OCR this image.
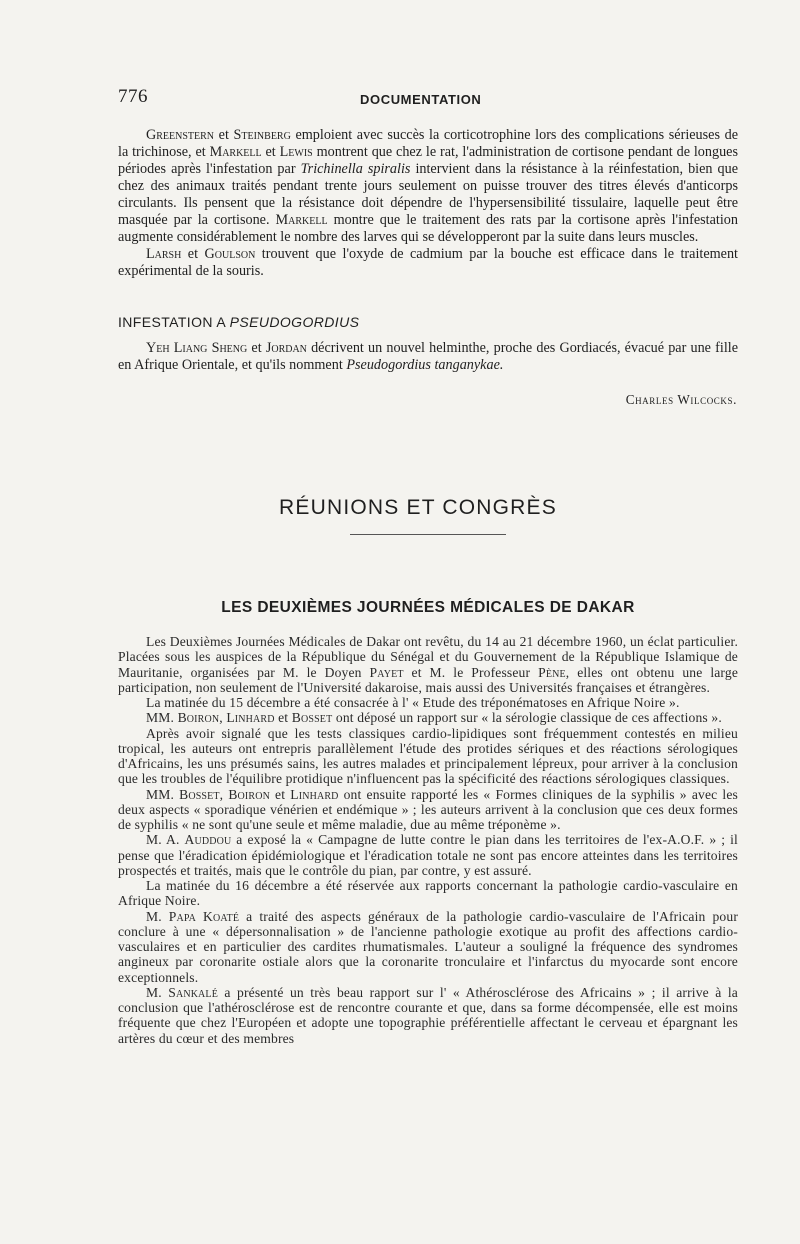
776	DOCUMENTATION

Greenstern et Steinberg emploient avec succès la corticotrophine lors des complications sérieuses de la trichinose, et Markell et Lewis montrent que chez le rat, l'administration de cortisone pendant de longues périodes après l'infestation par Trichinella spiralis intervient dans la résistance à la réinfestation, bien que chez des animaux traités pendant trente jours seulement on puisse trouver des titres élevés d'anticorps circulants. Ils pensent que la résistance doit dépendre de l'hypersensibilité tissulaire, laquelle peut être masquée par la cortisone. Markell montre que le traitement des rats par la cortisone après l'infestation augmente considérablement le nombre des larves qui se développeront par la suite dans leurs muscles.

Larsh et Goulson trouvent que l'oxyde de cadmium par la bouche est efficace dans le traitement expérimental de la souris.

INFESTATION A PSEUDOGORDIUS

Yeh Liang Sheng et Jordan décrivent un nouvel helminthe, proche des Gordiacés, évacué par une fille en Afrique Orientale, et qu'ils nomment Pseudogordius tanganykae.

Charles Wilcocks.
RÉUNIONS ET CONGRÈS
LES DEUXIÈMES JOURNÉES MÉDICALES DE DAKAR

Les Deuxièmes Journées Médicales de Dakar ont revêtu, du 14 au 21 décembre 1960, un éclat particulier. Placées sous les auspices de la République du Sénégal et du Gouvernement de la République Islamique de Mauritanie, organisées par M. le Doyen Payet et M. le Professeur Pène, elles ont obtenu une large participation, non seulement de l'Université dakaroise, mais aussi des Universités françaises et étrangères.

La matinée du 15 décembre a été consacrée à l' « Etude des tréponématoses en Afrique Noire ».

MM. Boiron, Linhard et Bosset ont déposé un rapport sur « la sérologie classique de ces affections ».

Après avoir signalé que les tests classiques cardio-lipidiques sont fréquemment contestés en milieu tropical, les auteurs ont entrepris parallèlement l'étude des protides sériques et des réactions sérologiques d'Africains, les uns présumés sains, les autres malades et principalement lépreux, pour arriver à la conclusion que les troubles de l'équilibre protidique n'influencent pas la spécificité des réactions sérologiques classiques.

MM. Bosset, Boiron et Linhard ont ensuite rapporté les « Formes cliniques de la syphilis » avec les deux aspects « sporadique vénérien et endémique » ; les auteurs arrivent à la conclusion que ces deux formes de syphilis « ne sont qu'une seule et même maladie, due au même tréponème ».

M. A. Auddou a exposé la « Campagne de lutte contre le pian dans les territoires de l'ex-A.O.F. » ; il pense que l'éradication épidémiologique et l'éradication totale ne sont pas encore atteintes dans les territoires prospectés et traités, mais que le contrôle du pian, par contre, y est assuré.

La matinée du 16 décembre a été réservée aux rapports concernant la pathologie cardio-vasculaire en Afrique Noire.

M. Papa Koaté a traité des aspects généraux de la pathologie cardio-vasculaire de l'Africain pour conclure à une « dépersonnalisation » de l'ancienne pathologie exotique au profit des affections cardio-vasculaires et en particulier des cardites rhumatismales. L'auteur a souligné la fréquence des syndromes angineux par coronarite ostiale alors que la coronarite tronculaire et l'infarctus du myocarde sont encore exceptionnels.

M. Sankalé a présenté un très beau rapport sur l' « Athérosclérose des Africains » ; il arrive à la conclusion que l'athérosclérose est de rencontre courante et que, dans sa forme décompensée, elle est moins fréquente que chez l'Européen et adopte une topographie préférentielle affectant le cerveau et épargnant les artères du cœur et des membres
